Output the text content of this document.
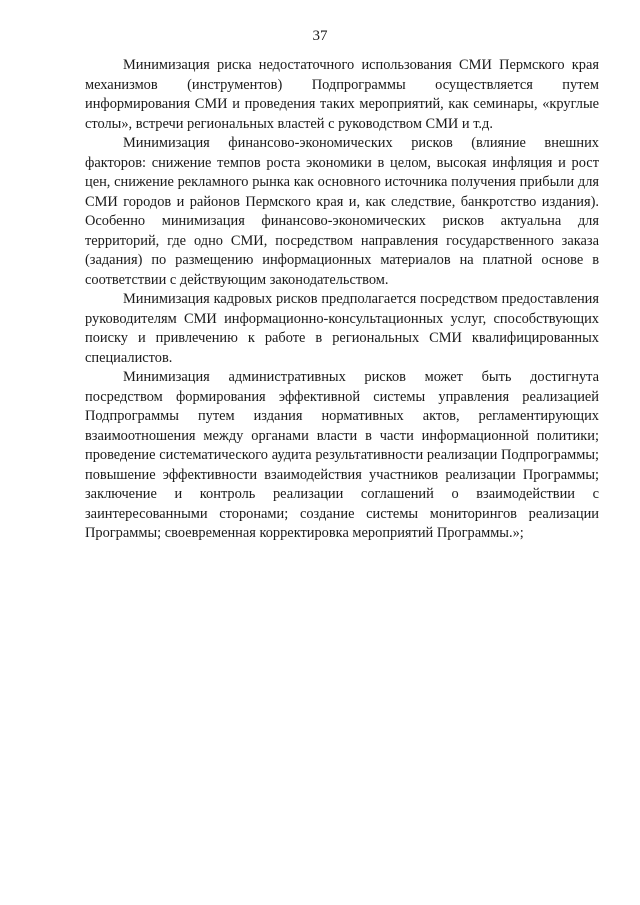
37

Минимизация риска недостаточного использования СМИ Пермского края механизмов (инструментов) Подпрограммы осуществляется путем информирования СМИ и проведения таких мероприятий, как семинары, «круглые столы», встречи региональных властей с руководством СМИ и т.д.

Минимизация финансово-экономических рисков (влияние внешних факторов: снижение темпов роста экономики в целом, высокая инфляция и рост цен, снижение рекламного рынка как основного источника получения прибыли для СМИ городов и районов Пермского края и, как следствие, банкротство издания). Особенно минимизация финансово-экономических рисков актуальна для территорий, где одно СМИ, посредством направления государственного заказа (задания) по размещению информационных материалов на платной основе в соответствии с действующим законодательством.

Минимизация кадровых рисков предполагается посредством предоставления руководителям СМИ информационно-консультационных услуг, способствующих поиску и привлечению к работе в региональных СМИ квалифицированных специалистов.

Минимизация административных рисков может быть достигнута посредством формирования эффективной системы управления реализацией Подпрограммы путем издания нормативных актов, регламентирующих взаимоотношения между органами власти в части информационной политики; проведение систематического аудита результативности реализации Подпрограммы; повышение эффективности взаимодействия участников реализации Программы; заключение и контроль реализации соглашений о взаимодействии с заинтересованными сторонами; создание системы мониторингов реализации Программы; своевременная корректировка мероприятий Программы.»;
